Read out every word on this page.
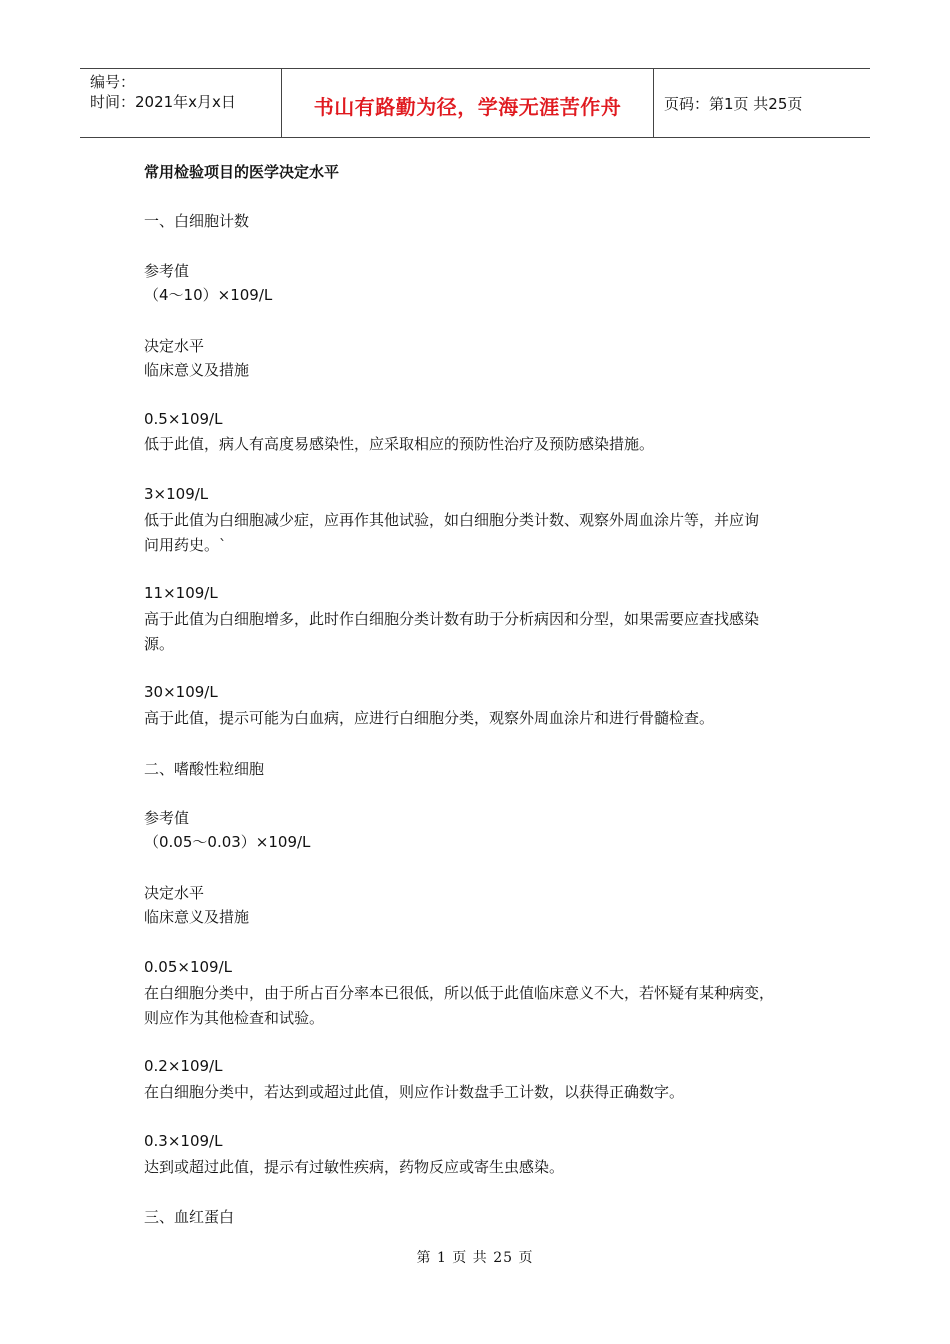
编号：
时间：2021年x月x日	书山有路勤为径，学海无涯苦作舟	页码：第1页 共25页
常用检验项目的医学决定水平
一、白细胞计数
参考值
（4～10）×109/L
决定水平
临床意义及措施
0.5×109/L
低于此值，病人有高度易感染性，应采取相应的预防性治疗及预防感染措施。
3×109/L
低于此值为白细胞减少症，应再作其他试验，如白细胞分类计数、观察外周血涂片等，并应询
问用药史。`
11×109/L
高于此值为白细胞增多，此时作白细胞分类计数有助于分析病因和分型，如果需要应查找感染
源。
30×109/L
高于此值，提示可能为白血病，应进行白细胞分类，观察外周血涂片和进行骨髓检查。
二、嗜酸性粒细胞
参考值
（0.05～0.03）×109/L
决定水平
临床意义及措施
0.05×109/L
在白细胞分类中，由于所占百分率本已很低，所以低于此值临床意义不大，若怀疑有某种病变，
则应作为其他检查和试验。
0.2×109/L
在白细胞分类中，若达到或超过此值，则应作计数盘手工计数，以获得正确数字。
0.3×109/L
达到或超过此值，提示有过敏性疾病，药物反应或寄生虫感染。
三、血红蛋白
第 1 页 共 25 页
